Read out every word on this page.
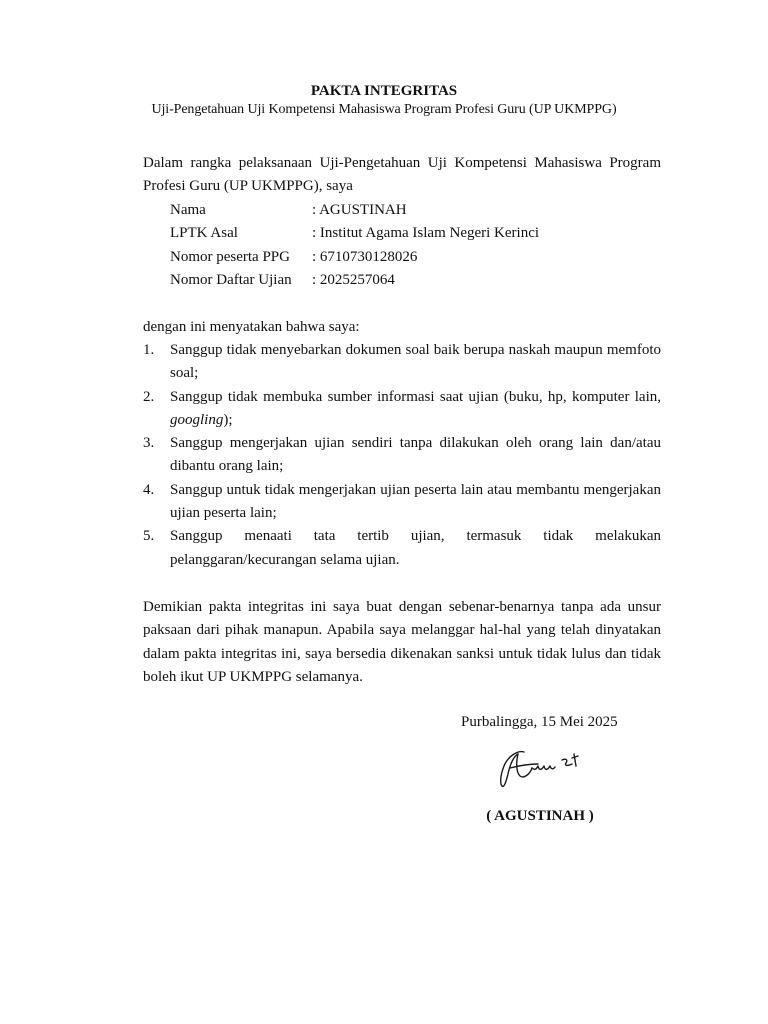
PAKTA INTEGRITAS
Uji-Pengetahuan Uji Kompetensi Mahasiswa Program Profesi Guru (UP UKMPPG)
Dalam rangka pelaksanaan Uji-Pengetahuan Uji Kompetensi Mahasiswa Program Profesi Guru (UP UKMPPG), saya
Nama	: AGUSTINAH
LPTK Asal	: Institut Agama Islam Negeri Kerinci
Nomor peserta PPG	: 6710730128026
Nomor Daftar Ujian	: 2025257064
dengan ini menyatakan bahwa saya:
1.	Sanggup tidak menyebarkan dokumen soal baik berupa naskah maupun memfoto soal;
2.	Sanggup tidak membuka sumber informasi saat ujian (buku, hp, komputer lain, googling);
3.	Sanggup mengerjakan ujian sendiri tanpa dilakukan oleh orang lain dan/atau dibantu orang lain;
4.	Sanggup untuk tidak mengerjakan ujian peserta lain atau membantu mengerjakan ujian peserta lain;
5.	Sanggup menaati tata tertib ujian, termasuk tidak melakukan pelanggaran/kecurangan selama ujian.
Demikian pakta integritas ini saya buat dengan sebenar-benarnya tanpa ada unsur paksaan dari pihak manapun. Apabila saya melanggar hal-hal yang telah dinyatakan dalam pakta integritas ini, saya bersedia dikenakan sanksi untuk tidak lulus dan tidak boleh ikut UP UKMPPG selamanya.
Purbalingga, 15 Mei 2025
( AGUSTINAH )
